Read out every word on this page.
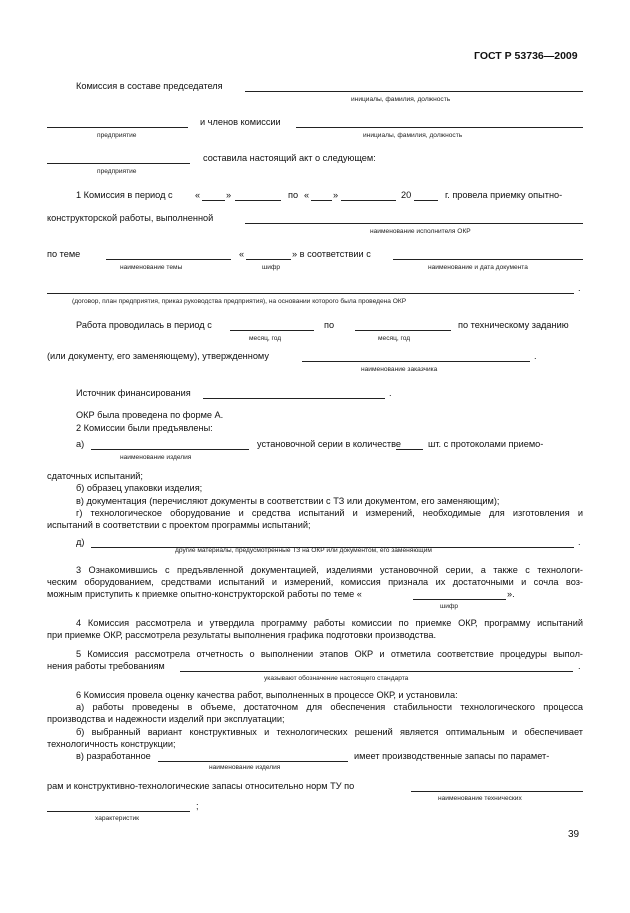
ГОСТ Р 53736—2009
Комиссия в составе председателя
инициалы, фамилия, должность
и членов комиссии
предприятие	инициалы, фамилия, должность
составила настоящий акт о следующем:
предприятие
1 Комиссия в период с «	»	по «	»	20	г. провела приемку опытно-
конструкторской работы, выполненной
наименование исполнителя ОКР
по теме	«	» в соответствии с
наименование темы	шифр	наименование и дата документа
.
(договор, план предприятия, приказ руководства предприятия), на основании которого была проведена ОКР
Работа проводилась в период с	по	по техническому заданию
месяц, год	месяц, год
(или документу, его заменяющему), утвержденному	.
наименование заказчика
Источник финансирования	.
ОКР была проведена по форме А.
2 Комиссии были предъявлены:
а)	установочной серии в количестве	шт. с протоколами приемо-
наименование изделия
сдаточных испытаний;
б) образец упаковки изделия;
в) документация (перечисляют документы в соответствии с ТЗ или документом, его заменяющим);
г) технологическое оборудование и средства испытаний и измерений, необходимые для изготовления и
испытаний в соответствии с проектом программы испытаний;
д)	.
другие материалы, предусмотренные ТЗ на ОКР или документом, его заменяющим
3 Ознакомившись с предъявленной документацией, изделиями установочной серии, а также с технологи-
ческим оборудованием, средствами испытаний и измерений, комиссия признала их достаточными и сочла воз-
можным приступить к приемке опытно-конструкторской работы по теме «	».
шифр
4 Комиссия рассмотрела и утвердила программу работы комиссии по приемке ОКР, программу испытаний
при приемке ОКР, рассмотрела результаты выполнения графика подготовки производства.
5 Комиссия рассмотрела отчетность о выполнении этапов ОКР и отметила соответствие процедуры выпол-
нения работы требованиям	.
указывают обозначение настоящего стандарта
6 Комиссия провела оценку качества работ, выполненных в процессе ОКР, и установила:
а) работы проведены в объеме, достаточном для обеспечения стабильности технологического процесса
производства и надежности изделий при эксплуатации;
б) выбранный вариант конструктивных и технологических решений является оптимальным и обеспечивает
технологичность конструкции;
в) разработанное	имеет производственные запасы по парамет-
наименование изделия
рам и конструктивно-технологические запасы относительно норм ТУ по
наименование технических
;
характеристик
39
